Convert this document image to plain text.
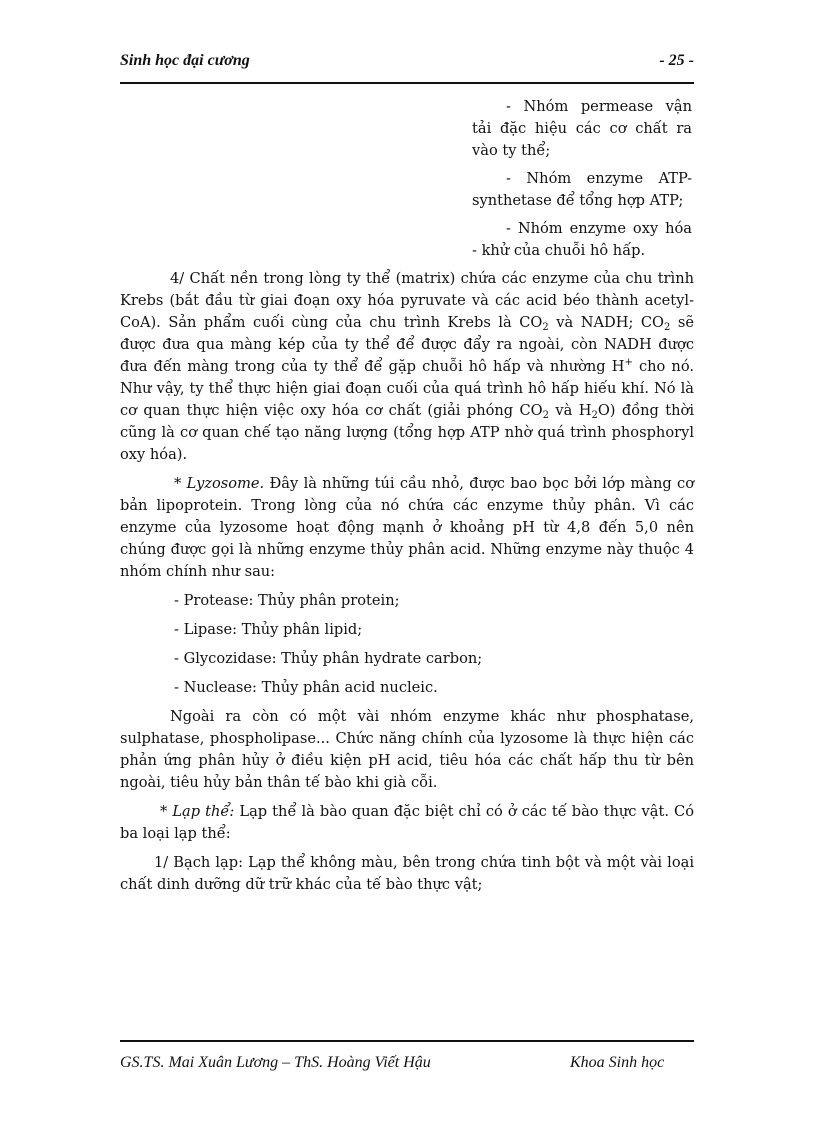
Sinh học đại cương	- 25 -

- Nhóm permease vận tải đặc hiệu các cơ chất ra vào ty thể;

- Nhóm enzyme ATP-synthetase để tổng hợp ATP;

- Nhóm enzyme oxy hóa - khử của chuỗi hô hấp.

4/ Chất nền trong lòng ty thể (matrix) chứa các enzyme của chu trình Krebs (bắt đầu từ giai đoạn oxy hóa pyruvate và các acid béo thành acetyl-CoA). Sản phẩm cuối cùng của chu trình Krebs là $CO_2$ và NADH; $CO_2$ sẽ được đưa qua màng kép của ty thể để được đẩy ra ngoài, còn NADH được đưa đến màng trong của ty thể để gặp chuỗi hô hấp và nhường H+ cho nó. Như vậy, ty thể thực hiện giai đoạn cuối của quá trình hô hấp hiếu khí. Nó là cơ quan thực hiện việc oxy hóa cơ chất (giải phóng $CO_2$ và $H_2O$) đồng thời cũng là cơ quan chế tạo năng lượng (tổng hợp ATP nhờ quá trình phosphoryl oxy hóa).

* Lyzosome. Đây là những túi cầu nhỏ, được bao bọc bởi lớp màng cơ bản lipoprotein. Trong lòng của nó chứa các enzyme thủy phân. Vì các enzyme của lyzosome hoạt động mạnh ở khoảng pH từ 4,8 đến 5,0 nên chúng được gọi là những enzyme thủy phân acid. Những enzyme này thuộc 4 nhóm chính như sau:

- Protease: Thủy phân protein;

- Lipase: Thủy phân lipid;

- Glycozidase: Thủy phân hydrate carbon;

- Nuclease: Thủy phân acid nucleic.

Ngoài ra còn có một vài nhóm enzyme khác như phosphatase, sulphatase, phospholipase... Chức năng chính của lyzosome là thực hiện các phản ứng phân hủy ở điều kiện pH acid, tiêu hóa các chất hấp thu từ bên ngoài, tiêu hủy bản thân tế bào khi già cỗi.

* Lạp thể: Lạp thể là bào quan đặc biệt chỉ có ở các tế bào thực vật. Có ba loại lạp thể:

1/ Bạch lạp: Lạp thể không màu, bên trong chứa tinh bột và một vài loại chất dinh dưỡng dữ trữ khác của tế bào thực vật;

GS.TS. Mai Xuân Lương – ThS. Hoàng Viết Hậu	Khoa Sinh học
